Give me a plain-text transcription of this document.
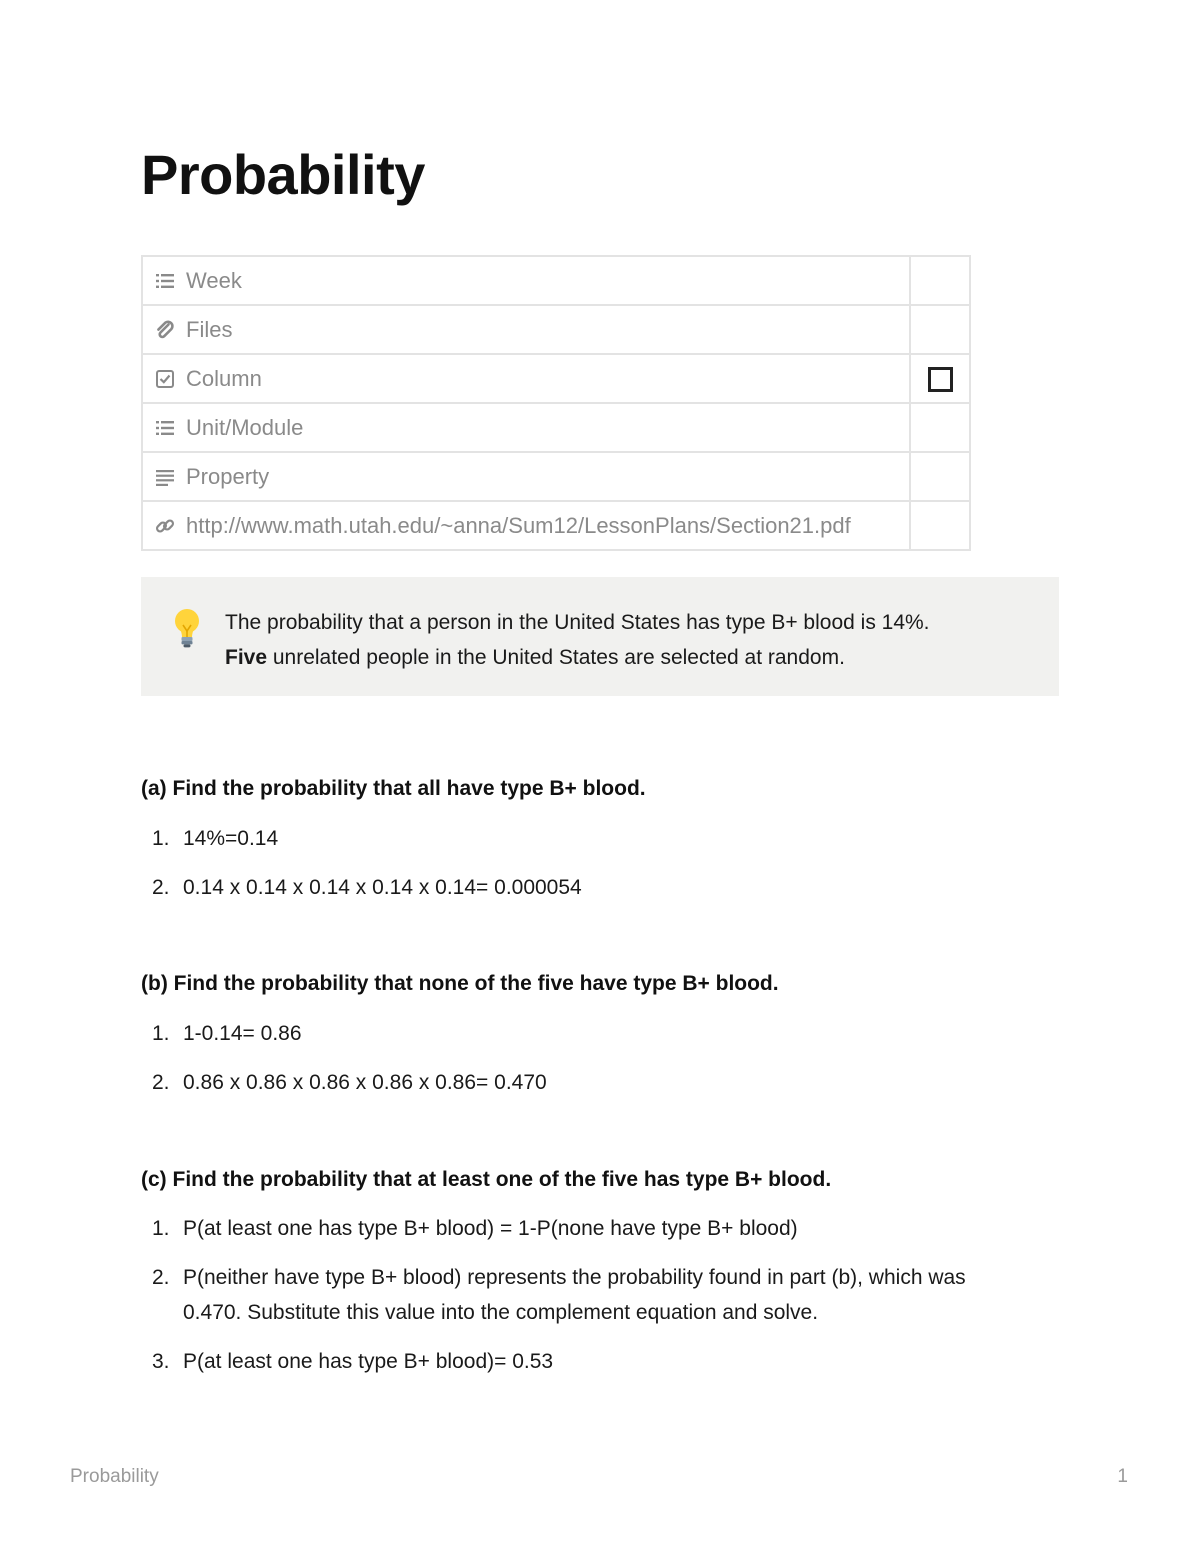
Probability
Week	
Files	
Column	
Unit/Module	
Property	
http://www.math.utah.edu/~anna/Sum12/LessonPlans/Section21.pdf	
The probability that a person in the United States has type B+ blood is 14%.
Five unrelated people in the United States are selected at random.

(a) Find the probability that all have type B+ blood.

1. 14%=0.14
2. 0.14 x 0.14 x 0.14 x 0.14 x 0.14= 0.000054

(b) Find the probability that none of the five have type B+ blood.

1. 1-0.14= 0.86
2. 0.86 x 0.86 x 0.86 x 0.86 x 0.86= 0.470

(c) Find the probability that at least one of the five has type B+ blood.

1. P(at least one has type B+ blood) = 1-P(none have type B+ blood)
2. P(neither have type B+ blood) represents the probability found in part (b), which was 0.470. Substitute this value into the complement equation and solve.
3. P(at least one has type B+ blood)= 0.53
Probability	1
